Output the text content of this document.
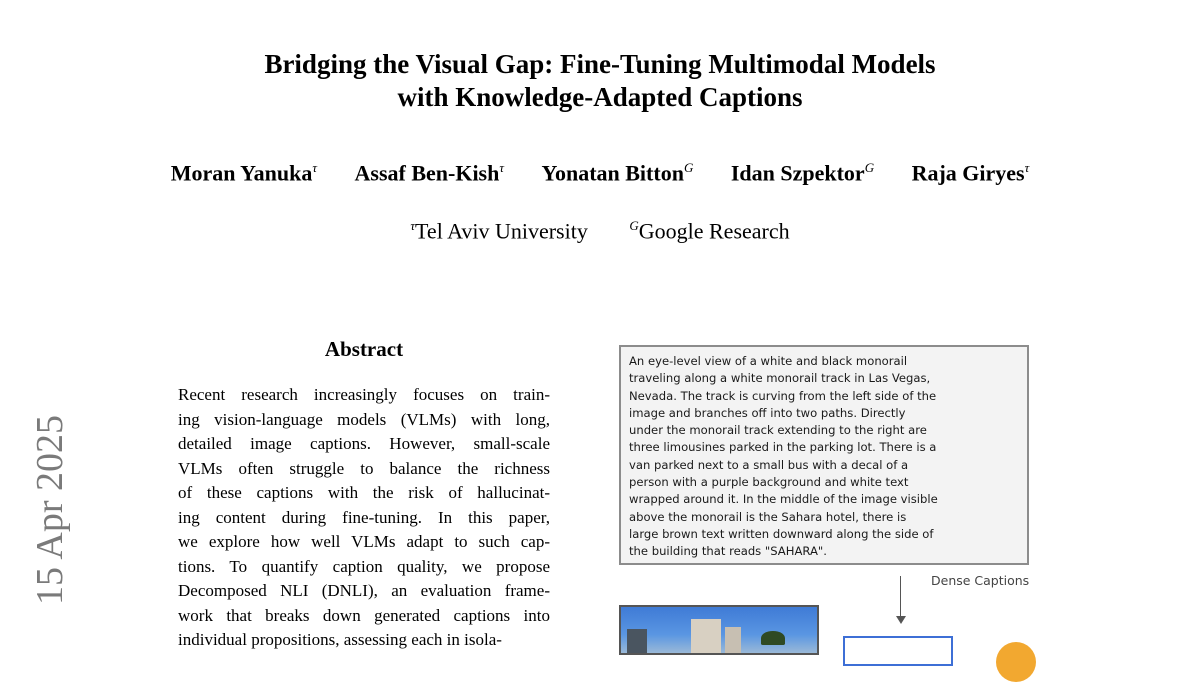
Bridging the Visual Gap: Fine-Tuning Multimodal Models
with Knowledge-Adapted Captions
Moran Yanuka$^\tau$ Assaf Ben-Kish$^\tau$ Yonatan Bitton$^G$ Idan Szpektor$^G$ Raja Giryes$^\tau$
$^\tau$Tel Aviv University	$^G$Google Research
15 Apr 2025
Abstract
Recent research increasingly focuses on train-
ing vision-language models (VLMs) with long,
detailed image captions. However, small-scale
VLMs often struggle to balance the richness
of these captions with the risk of hallucinat-
ing content during fine-tuning. In this paper,
we explore how well VLMs adapt to such cap-
tions. To quantify caption quality, we propose
Decomposed NLI (DNLI), an evaluation frame-
work that breaks down generated captions into
individual propositions, assessing each in isola-
An eye-level view of a white and black monorail
traveling along a white monorail track in Las Vegas,
Nevada. The track is curving from the left side of the
image and branches off into two paths. Directly
under the monorail track extending to the right are
three limousines parked in the parking lot. There is a
van parked next to a small bus with a decal of a
person with a purple background and white text
wrapped around it. In the middle of the image visible
above the monorail is the Sahara hotel, there is
large brown text written downward along the side of
the building that reads "SAHARA".
Dense Captions
